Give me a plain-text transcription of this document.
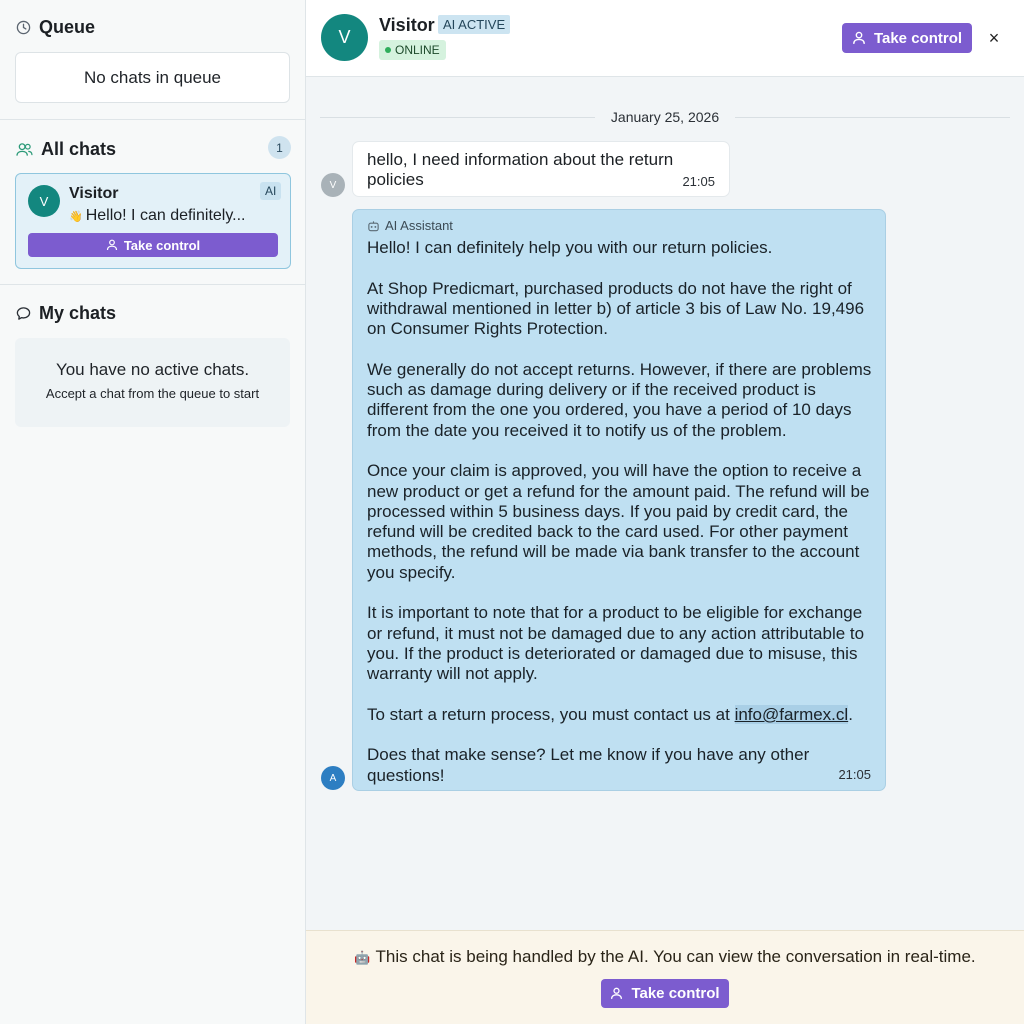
Queue
No chats in queue
All chats	1
V	Visitor	AI
👋 Hello! I can definitely...
Take control
My chats
You have no active chats.
Accept a chat from the queue to start
V
Visitor AI ACTIVE
ONLINE
Take control	×
January 25, 2026
V
hello, I need information about the return policies	21:05
AI Assistant

Hello! I can definitely help you with our return policies.

At Shop Predicmart, purchased products do not have the right of withdrawal mentioned in letter b) of article 3 bis of Law No. 19,496 on Consumer Rights Protection.

We generally do not accept returns. However, if there are problems such as damage during delivery or if the received product is different from the one you ordered, you have a period of 10 days from the date you received it to notify us of the problem.

Once your claim is approved, you will have the option to receive a new product or get a refund for the amount paid. The refund will be processed within 5 business days. If you paid by credit card, the refund will be credited back to the card used. For other payment methods, the refund will be made via bank transfer to the account you specify.

It is important to note that for a product to be eligible for exchange or refund, it must not be damaged due to any action attributable to you. If the product is deteriorated or damaged due to misuse, this warranty will not apply.

To start a return process, you must contact us at info@farmex.cl.

Does that make sense? Let me know if you have any other questions!	21:05
A
🤖 This chat is being handled by the AI. You can view the conversation in real-time.
Take control
